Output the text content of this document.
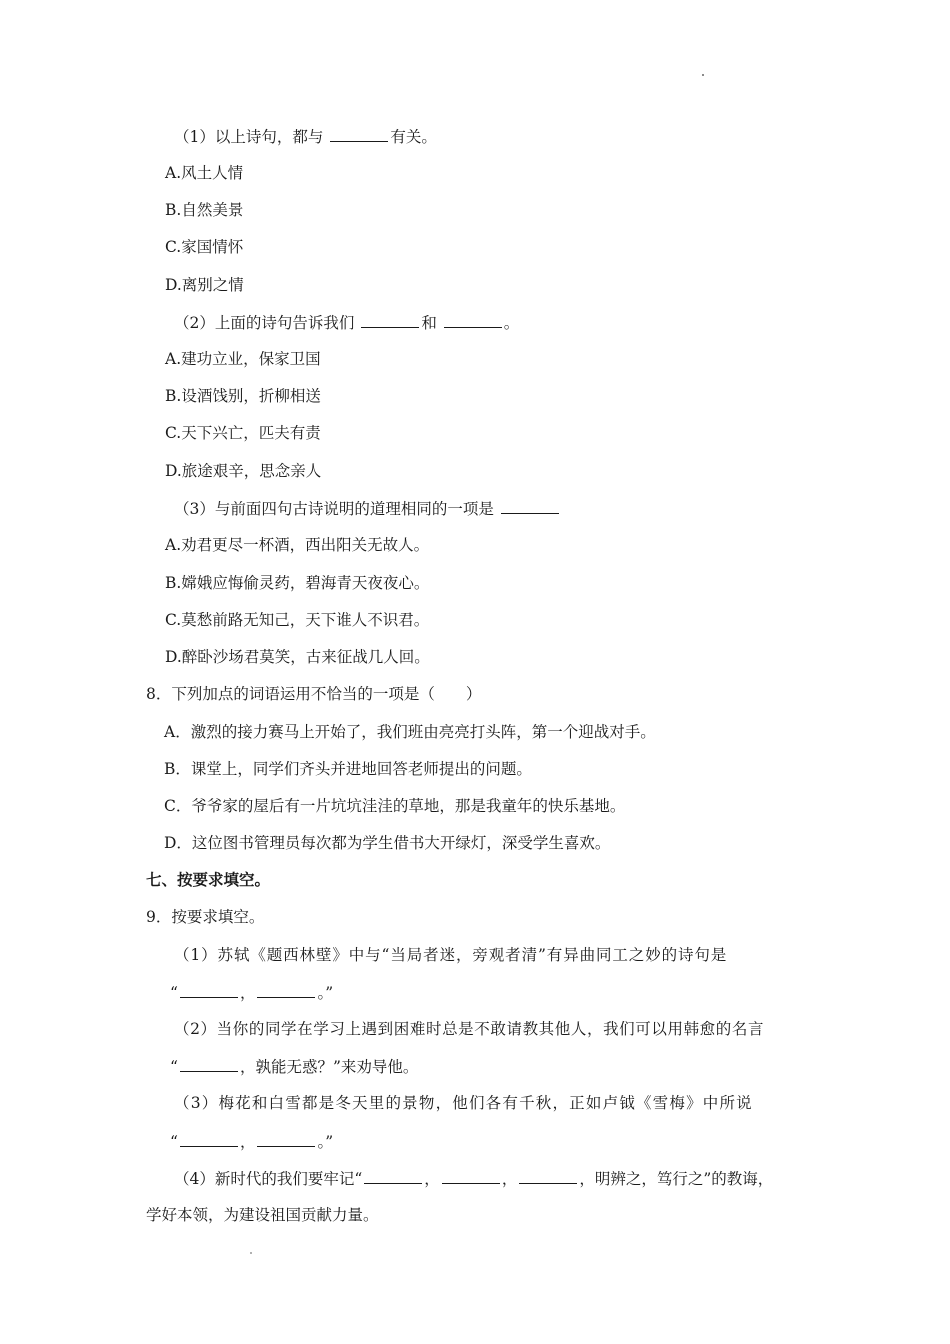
（1）以上诗句，都与	有关。
A.风土人情
B.自然美景
C.家国情怀
D.离别之情
（2）上面的诗句告诉我们	和	。
A.建功立业，保家卫国
B.设酒饯别，折柳相送
C.天下兴亡，匹夫有责
D.旅途艰辛，思念亲人
（3）与前面四句古诗说明的道理相同的一项是
A.劝君更尽一杯酒，西出阳关无故人。
B.嫦娥应悔偷灵药，碧海青天夜夜心。
C.莫愁前路无知己，天下谁人不识君。
D.醉卧沙场君莫笑，古来征战几人回。
8．下列加点的词语运用不恰当的一项是（　　）
A．激烈的接力赛马上开始了，我们班由亮亮打头阵，第一个迎战对手。
B．课堂上，同学们齐头并进地回答老师提出的问题。
C．爷爷家的屋后有一片坑坑洼洼的草地，那是我童年的快乐基地。
D．这位图书管理员每次都为学生借书大开绿灯，深受学生喜欢。
七、按要求填空。
9．按要求填空。
（1）苏轼《题西林壁》中与“当局者迷，旁观者清”有异曲同工之妙的诗句是
“	，	。”
（2）当你的同学在学习上遇到困难时总是不敢请教其他人，我们可以用韩愈的名言
“	，孰能无惑？”来劝导他。
（3）梅花和白雪都是冬天里的景物，他们各有千秋，正如卢钺《雪梅》中所说
“	，	。”
（4）新时代的我们要牢记“	，	，	，明辨之，笃行之”的教诲，
学好本领，为建设祖国贡献力量。
